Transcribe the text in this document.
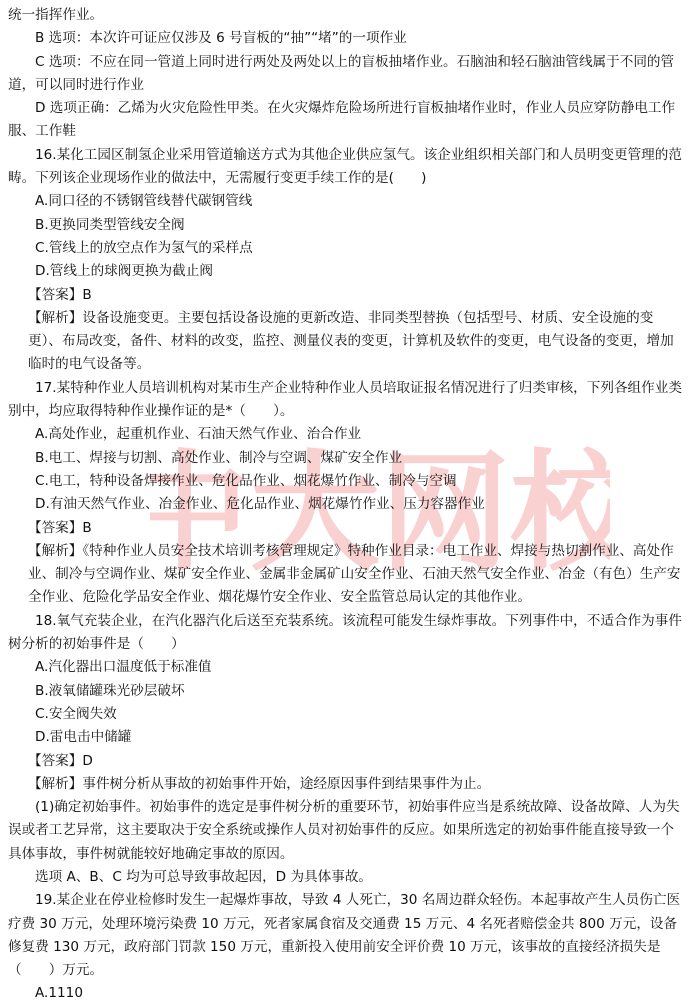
中大网校

统一指挥作业。

B 选项：本次许可证应仅涉及 6 号盲板的“抽”“堵”的一项作业

C 选项：不应在同一管道上同时进行两处及两处以上的盲板抽堵作业。石脑油和轻石脑油管线属于不同的管道，可以同时进行作业

D 选项正确：乙烯为火灾危险性甲类。在火灾爆炸危险场所进行盲板抽堵作业时，作业人员应穿防静电工作服、工作鞋

16.某化工园区制氢企业采用管道输送方式为其他企业供应氢气。该企业组织相关部门和人员明变更管理的范畴。下列该企业现场作业的做法中，无需履行变更手续工作的是(　　)

A.同口径的不锈钢管线替代碳钢管线

B.更换同类型管线安全阀

C.管线上的放空点作为氢气的采样点

D.管线上的球阀更换为截止阀

【答案】B

【解析】设备设施变更。主要包括设备设施的更新改造、非同类型替换（包括型号、材质、安全设施的变更）、布局改变，备件、材料的改变，监控、测量仪表的变更，计算机及软件的变更，电气设备的变更，增加临时的电气设备等。

17.某特种作业人员培训机构对某市生产企业特种作业人员培取证报名情况进行了归类审核，下列各组作业类别中，均应取得特种作业操作证的是*（　　）。

A.高处作业，起重机作业、石油天然气作业、治合作业

B.电工、焊接与切割、高处作业、制冷与空调、煤矿安全作业

C.电工，特种设备焊接作业、危化品作业、烟花爆竹作业、制冷与空调

D.有油天然气作业、冶金作业、危化品作业、烟花爆竹作业、压力容器作业

【答案】B

【解析】《特种作业人员安全技术培训考核管理规定》特种作业目录：电工作业、焊接与热切割作业、高处作业、制冷与空调作业、煤矿安全作业、金属非金属矿山安全作业、石油天然气安全作业、冶金（有色）生产安全作业、危险化学品安全作业、烟花爆竹安全作业、安全监管总局认定的其他作业。

18.氧气充装企业，在汽化器汽化后送至充装系统。该流程可能发生绿炸事故。下列事件中，不适合作为事件树分析的初始事件是（　　）

A.汽化器出口温度低于标准值

B.液氧储罐珠光砂层破坏

C.安全阀失效

D.雷电击中储罐

【答案】D

【解析】事件树分析从事故的初始事件开始，途经原因事件到结果事件为止。

(1)确定初始事件。初始事件的选定是事件树分析的重要环节，初始事件应当是系统故障、设备故障、人为失误或者工艺异常，这主要取决于安全系统或操作人员对初始事件的反应。如果所选定的初始事件能直接导致一个具体事故，事件树就能较好地确定事故的原因。

选项 A、B、C 均为可总导致事故起因，D 为具体事故。

19.某企业在停业检修时发生一起爆炸事故，导致 4 人死亡，30 名周边群众轻伤。本起事故产生人员伤亡医疗费 30 万元，处理环境污染费 10 万元，死者家属食宿及交通费 15 万元、4 名死者赔偿金共 800 万元，设备修复费 130 万元，政府部门罚款 150 万元，重新投入使用前安全评价费 10 万元，该事故的直接经济损失是（　　）万元。

A.1110
